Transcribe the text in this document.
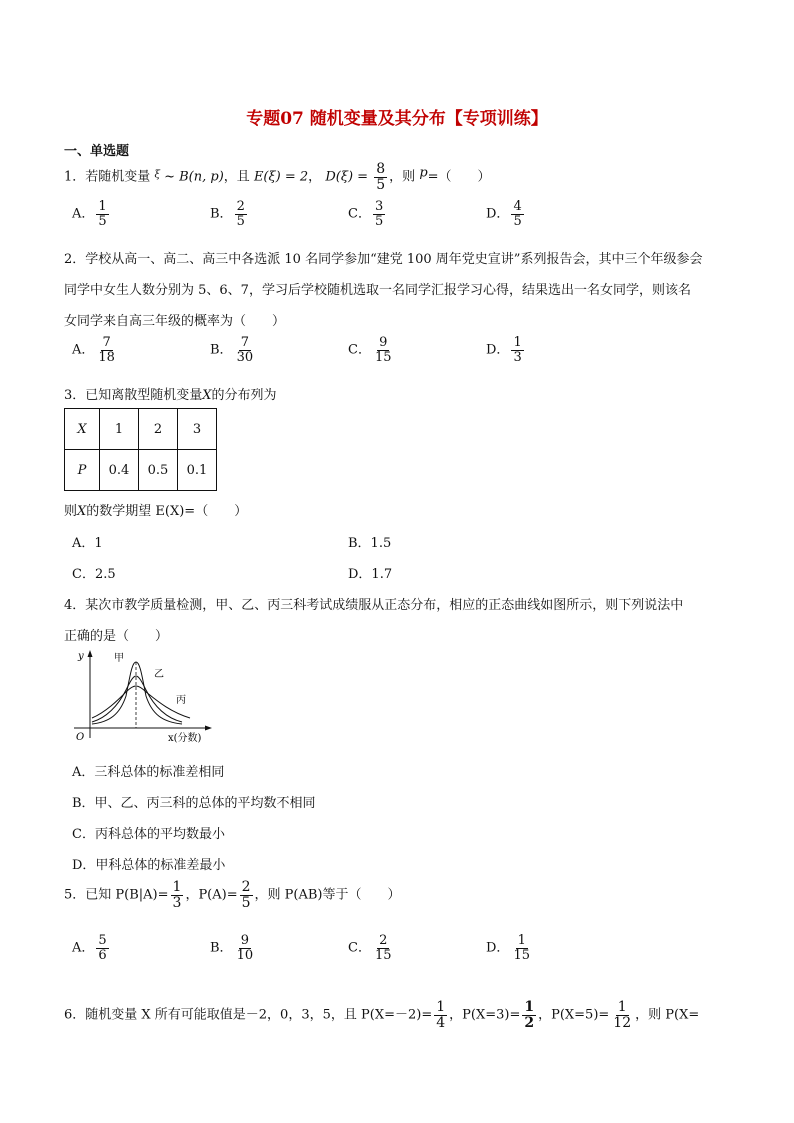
专题07 随机变量及其分布【专项训练】
一、单选题
1．若随机变量 $^\xi$ ~ B(n, p)，且 E(ξ) = 2， $D(\xi) = \frac{8}{5}$ ，则 p=（　　）
A． $\frac{1}{5}$	B． $\frac{2}{5}$	C． $\frac{3}{5}$	D． $\frac{4}{5}$
2．学校从高一、高二、高三中各选派 10 名同学参加“建党 100 周年党史宣讲”系列报告会，其中三个年级参会
同学中女生人数分别为 5、6、7，学习后学校随机选取一名同学汇报学习心得，结果选出一名女同学，则该名
女同学来自高三年级的概率为（　　）
A． $\frac{7}{18}$	B． $\frac{7}{30}$	C． $\frac{9}{15}$	D． $\frac{1}{3}$
3．已知离散型随机变量X的分布列为
X	1	2	3
P	0.4	0.5	0.1
则X的数学期望 E(X)=（　　）
A．1	B．1.5
C．2.5	D．1.7
4．某次市教学质量检测，甲、乙、丙三科考试成绩服从正态分布，相应的正态曲线如图所示，则下列说法中
正确的是（　　）
y
O	x(分数)
甲
乙
丙
A．三科总体的标准差相同
B．甲、乙、丙三科的总体的平均数不相同
C．丙科总体的平均数最小
D．甲科总体的标准差最小
5．已知 $P(B|A)= \frac{1}{3}$ ，$P(A)= \frac{2}{5}$ ，则 P(AB)等于（　　）
A． $\frac{5}{6}$	B． $\frac{9}{10}$	C． $\frac{2}{15}$	D． $\frac{1}{15}$
6．随机变量 X 所有可能取值是－2，0，3，5，且 $P(X=-2)= \frac{1}{4}$ ，$P(X=3)= \frac{1}{2}$ ，$P(X=5)= \frac{1}{12}$ ，则 P(X=
